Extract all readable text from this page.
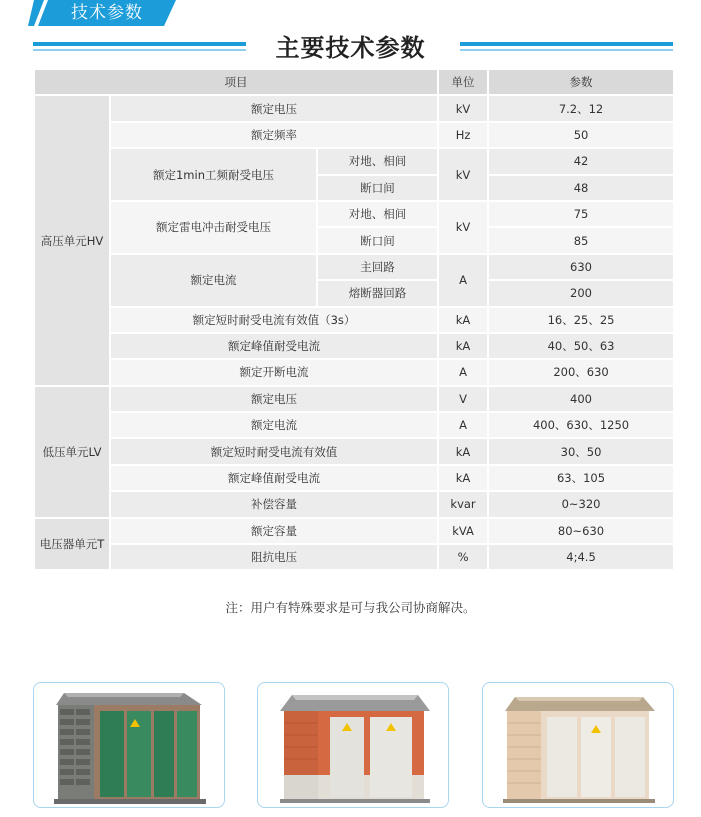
技术参数
主要技术参数
项目			单位	参数
高压单元HV	额定电压		kV	7.2、12
	额定频率		Hz	50
	额定1min工频耐受电压	对地、相间	kV	42
		断口间		48
	额定雷电冲击耐受电压	对地、相间	kV	75
		断口间		85
	额定电流	主回路	A	630
		熔断器回路		200
	额定短时耐受电流有效值（3s）		kA	16、25、25
	额定峰值耐受电流		kA	40、50、63
	额定开断电流		A	200、630
低压单元LV	额定电压		V	400
	额定电流		A	400、630、1250
	额定短时耐受电流有效值		kA	30、50
	额定峰值耐受电流		kA	63、105
	补偿容量		kvar	0~320
电压器单元T	额定容量		kVA	80~630
	阻抗电压		%	4;4.5
注：用户有特殊要求是可与我公司协商解决。
